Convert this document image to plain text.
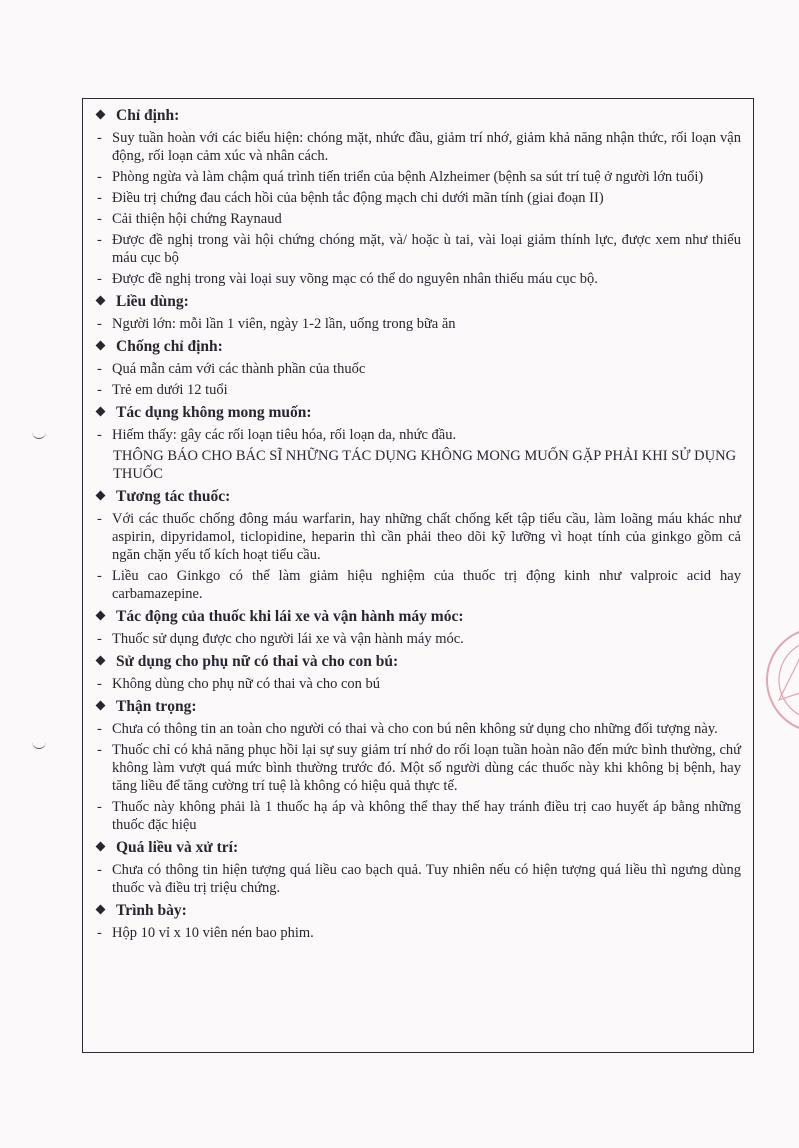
Chỉ định:
- Suy tuần hoàn với các biểu hiện: chóng mặt, nhức đầu, giảm trí nhớ, giảm khả năng nhận thức, rối loạn vận động, rối loạn cảm xúc và nhân cách.
- Phòng ngừa và làm chậm quá trình tiến triển của bệnh Alzheimer (bệnh sa sút trí tuệ ở người lớn tuổi)
- Điều trị chứng đau cách hồi của bệnh tắc động mạch chi dưới mãn tính (giai đoạn II)
- Cải thiện hội chứng Raynaud
- Được đề nghị trong vài hội chứng chóng mặt, và/ hoặc ù tai, vài loại giảm thính lực, được xem như thiếu máu cục bộ
- Được đề nghị trong vài loại suy võng mạc có thể do nguyên nhân thiếu máu cục bộ.
Liều dùng:
- Người lớn: mỗi lần 1 viên, ngày 1-2 lần, uống trong bữa ăn
Chống chỉ định:
- Quá mẫn cảm với các thành phần của thuốc
- Trẻ em dưới 12 tuổi
Tác dụng không mong muốn:
- Hiếm thấy: gây các rối loạn tiêu hóa, rối loạn da, nhức đầu.
THÔNG BÁO CHO BÁC SĨ NHỮNG TÁC DỤNG KHÔNG MONG MUỐN GẶP PHẢI KHI SỬ DỤNG THUỐC
Tương tác thuốc:
- Với các thuốc chống đông máu warfarin, hay những chất chống kết tập tiểu cầu, làm loãng máu khác như aspirin, dipyridamol, ticlopidine, heparin thì cần phải theo dõi kỹ lưỡng vì hoạt tính của ginkgo gồm cả ngăn chặn yếu tố kích hoạt tiểu cầu.
- Liều cao Ginkgo có thể làm giảm hiệu nghiệm của thuốc trị động kinh như valproic acid hay carbamazepine.
Tác động của thuốc khi lái xe và vận hành máy móc:
- Thuốc sử dụng được cho người lái xe và vận hành máy móc.
Sử dụng cho phụ nữ có thai và cho con bú:
- Không dùng cho phụ nữ có thai và cho con bú
Thận trọng:
- Chưa có thông tin an toàn cho người có thai và cho con bú nên không sử dụng cho những đối tượng này.
- Thuốc chỉ có khả năng phục hồi lại sự suy giảm trí nhớ do rối loạn tuần hoàn não đến mức bình thường, chứ không làm vượt quá mức bình thường trước đó. Một số người dùng các thuốc này khi không bị bệnh, hay tăng liều để tăng cường trí tuệ là không có hiệu quả thực tế.
- Thuốc này không phải là 1 thuốc hạ áp và không thể thay thế hay tránh điều trị cao huyết áp bằng những thuốc đặc hiệu
Quá liều và xử trí:
- Chưa có thông tin hiện tượng quá liều cao bạch quả. Tuy nhiên nếu có hiện tượng quá liều thì ngưng dùng thuốc và điều trị triệu chứng.
Trình bày:
- Hộp 10 vỉ x 10 viên nén bao phim.
